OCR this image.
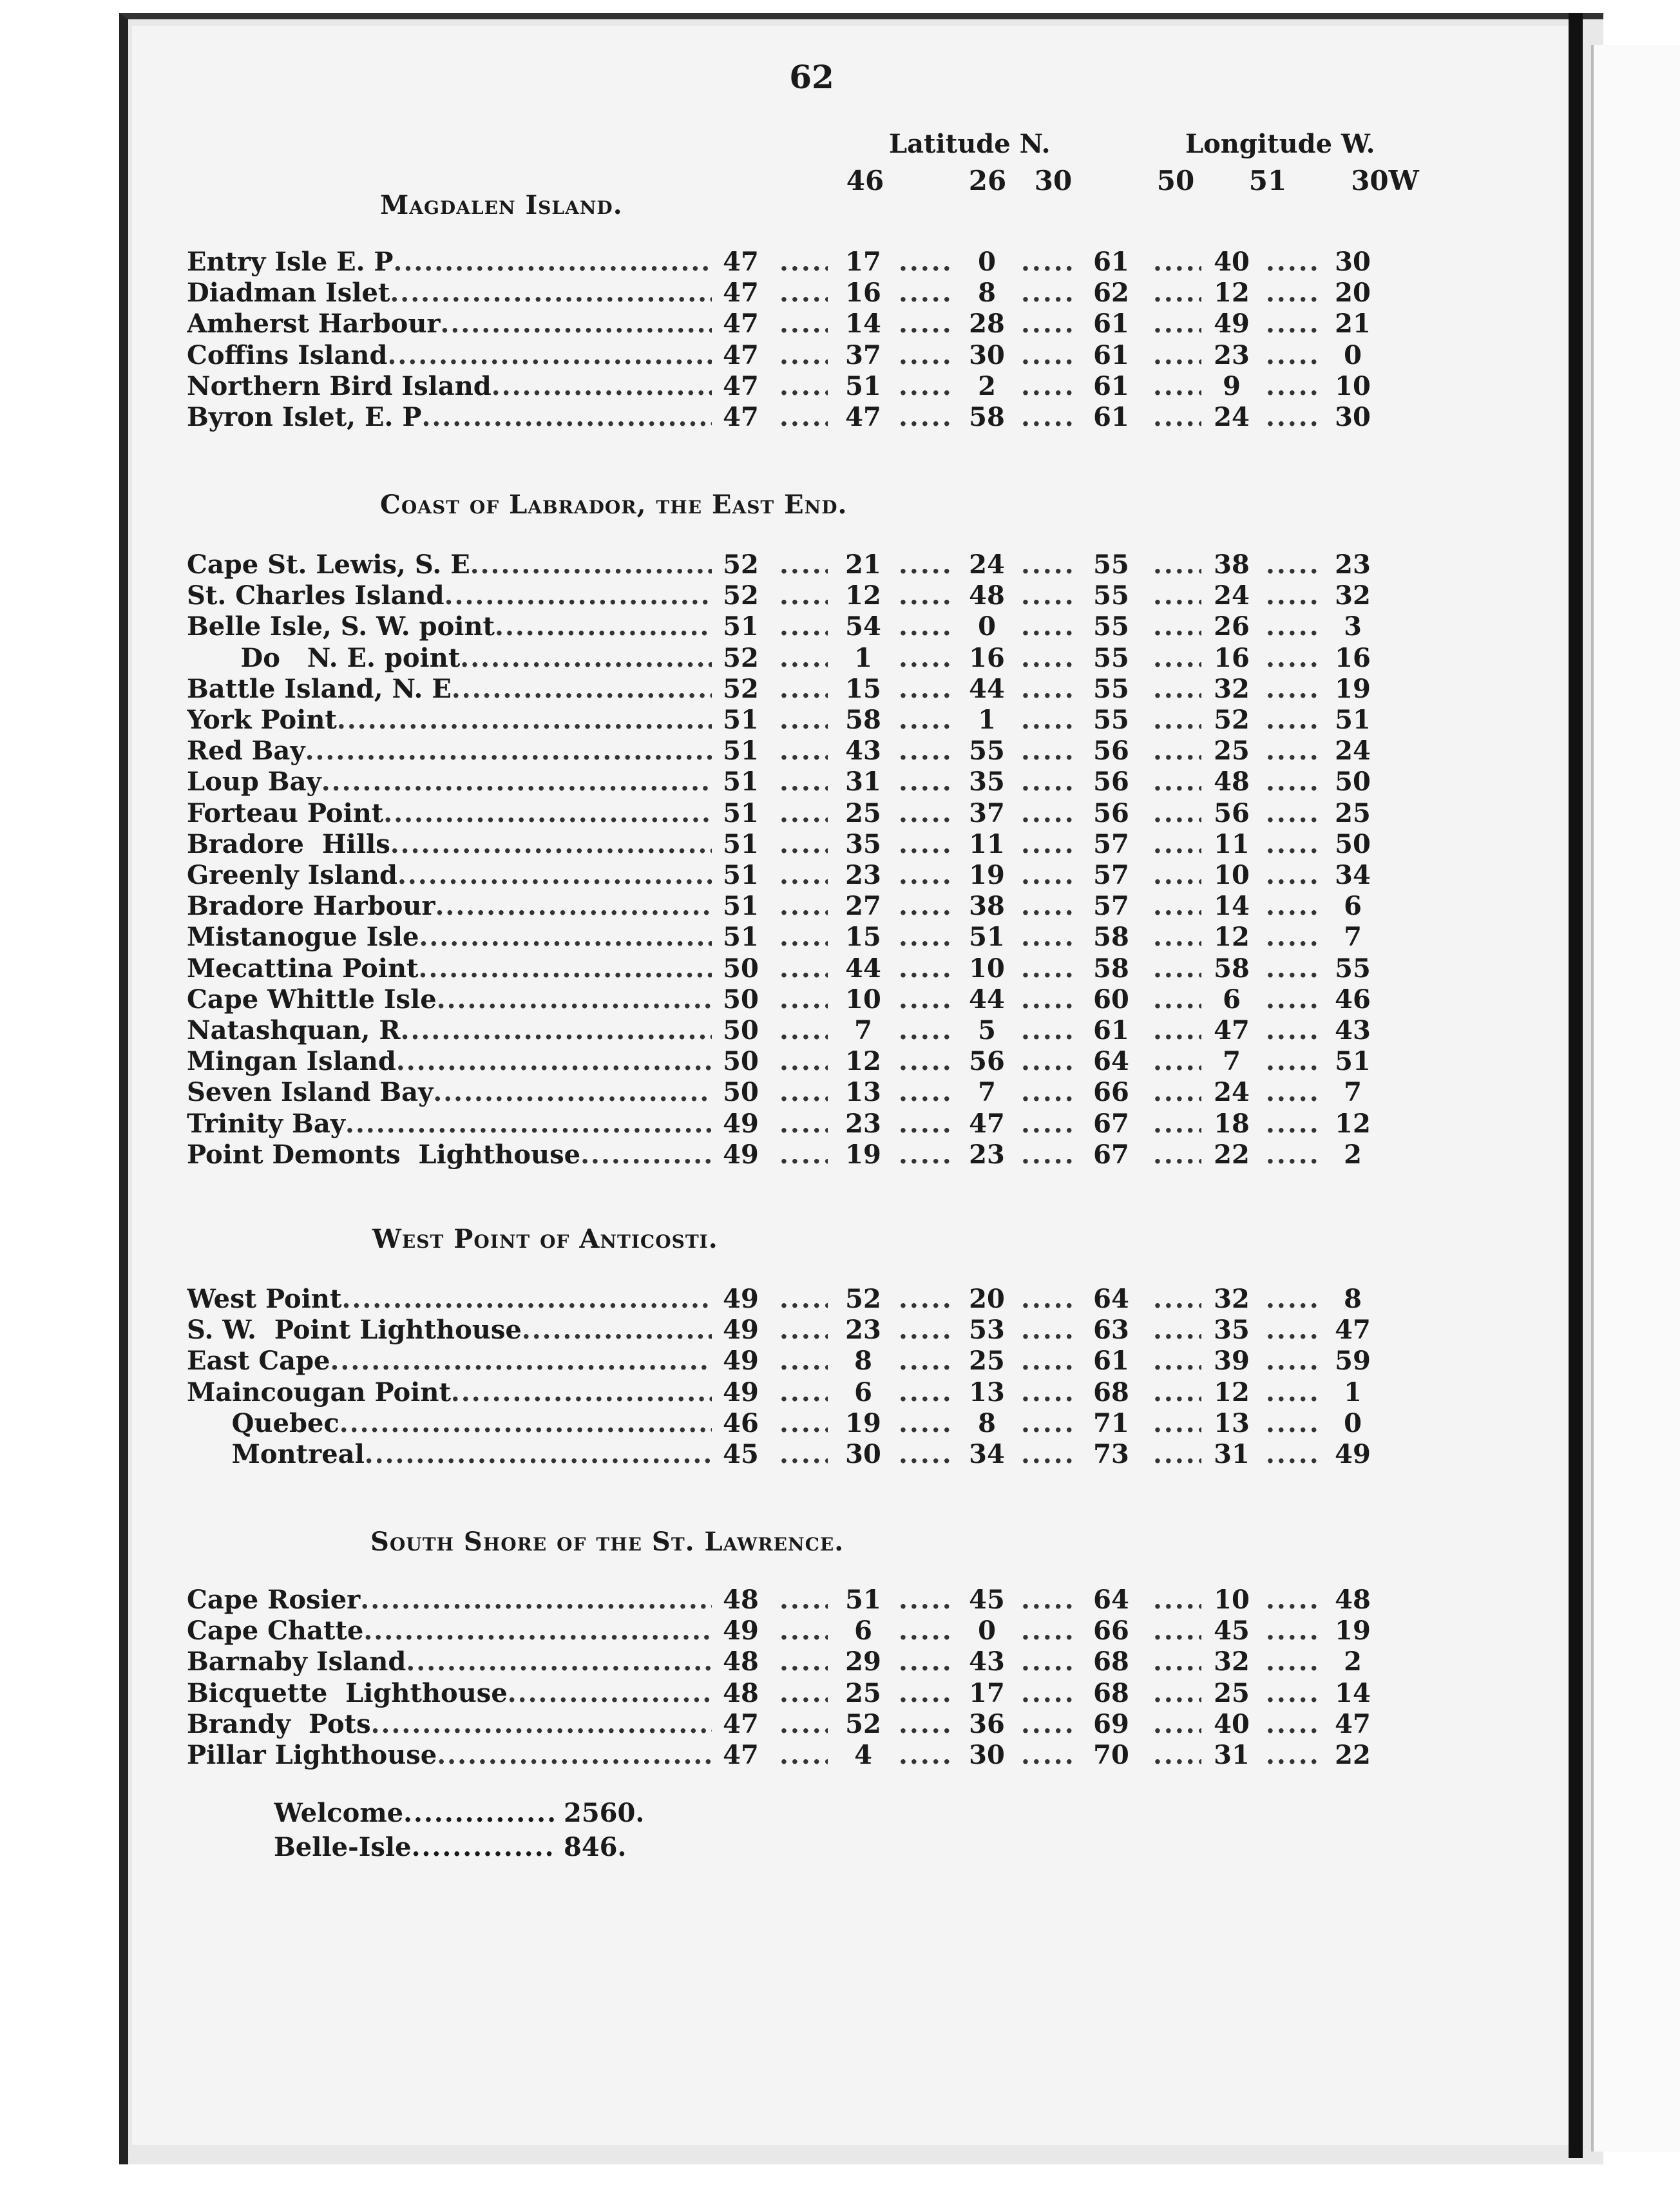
62
Latitude N.	Longitude W.
46	26	30	50	51	30W
Magdalen Island.
Entry Isle E. P .....	47 .....	17 .....	0 .....	61 .....	40 .....	30
Diadman Islet .....	47 .....	16 .....	8 .....	62 .....	12 .....	20
Amherst Harbour .....	47 .....	14 .....	28 .....	61 .....	49 .....	21
Coffins Island .....	47 .....	37 .....	30 .....	61 .....	23 .....	0
Northern Bird Island .....	47 .....	51 .....	2 .....	61 .....	9 .....	10
Byron Islet, E. P .....	47 .....	47 .....	58 .....	61 .....	24 .....	30
Coast of Labrador, the East End.
Cape St. Lewis, S. E .....	52 .....	21 .....	24 .....	55 .....	38 .....	23
St. Charles Island .....	52 .....	12 .....	48 .....	55 .....	24 .....	32
Belle Isle, S. W. point .....	51 .....	54 .....	0 .....	55 .....	26 .....	3
Do   N. E. point .....	52 .....	1 .....	16 .....	55 .....	16 .....	16
Battle Island, N. E .....	52 .....	15 .....	44 .....	55 .....	32 .....	19
York Point .....	51 .....	58 .....	1 .....	55 .....	52 .....	51
Red Bay .....	51 .....	43 .....	55 .....	56 .....	25 .....	24
Loup Bay .....	51 .....	31 .....	35 .....	56 .....	48 .....	50
Forteau Point .....	51 .....	25 .....	37 .....	56 .....	56 .....	25
Bradore  Hills .....	51 .....	35 .....	11 .....	57 .....	11 .....	50
Greenly Island .....	51 .....	23 .....	19 .....	57 .....	10 .....	34
Bradore Harbour .....	51 .....	27 .....	38 .....	57 .....	14 .....	6
Mistanogue Isle .....	51 .....	15 .....	51 .....	58 .....	12 .....	7
Mecattina Point .....	50 .....	44 .....	10 .....	58 .....	58 .....	55
Cape Whittle Isle .....	50 .....	10 .....	44 .....	60 .....	6 .....	46
Natashquan, R .....	50 .....	7 .....	5 .....	61 .....	47 .....	43
Mingan Island .....	50 .....	12 .....	56 .....	64 .....	7 .....	51
Seven Island Bay .....	50 .....	13 .....	7 .....	66 .....	24 .....	7
Trinity Bay .....	49 .....	23 .....	47 .....	67 .....	18 .....	12
Point Demonts  Lighthouse .....	49 .....	19 .....	23 .....	67 .....	22 .....	2
West Point of Anticosti.
West Point .....	49 .....	52 .....	20 .....	64 .....	32 .....	8
S. W.  Point Lighthouse .....	49 .....	23 .....	53 .....	63 .....	35 .....	47
East Cape .....	49 .....	8 .....	25 .....	61 .....	39 .....	59
Maincougan Point .....	49 .....	6 .....	13 .....	68 .....	12 .....	1
Quebec .....	46 .....	19 .....	8 .....	71 .....	13 .....	0
Montreal .....	45 .....	30 .....	34 .....	73 .....	31 .....	49
South Shore of the St. Lawrence.
Cape Rosier .....	48 .....	51 .....	45 .....	64 .....	10 .....	48
Cape Chatte .....	49 .....	6 .....	0 .....	66 .....	45 .....	19
Barnaby Island .....	48 .....	29 .....	43 .....	68 .....	32 .....	2
Bicquette  Lighthouse .....	48 .....	25 .....	17 .....	68 .....	25 .....	14
Brandy  Pots .....	47 .....	52 .....	36 .....	69 .....	40 .....	47
Pillar Lighthouse .....	47 .....	4 .....	30 .....	70 .....	31 .....	22
Welcome .....	2560.
Belle-Isle .....	846.
